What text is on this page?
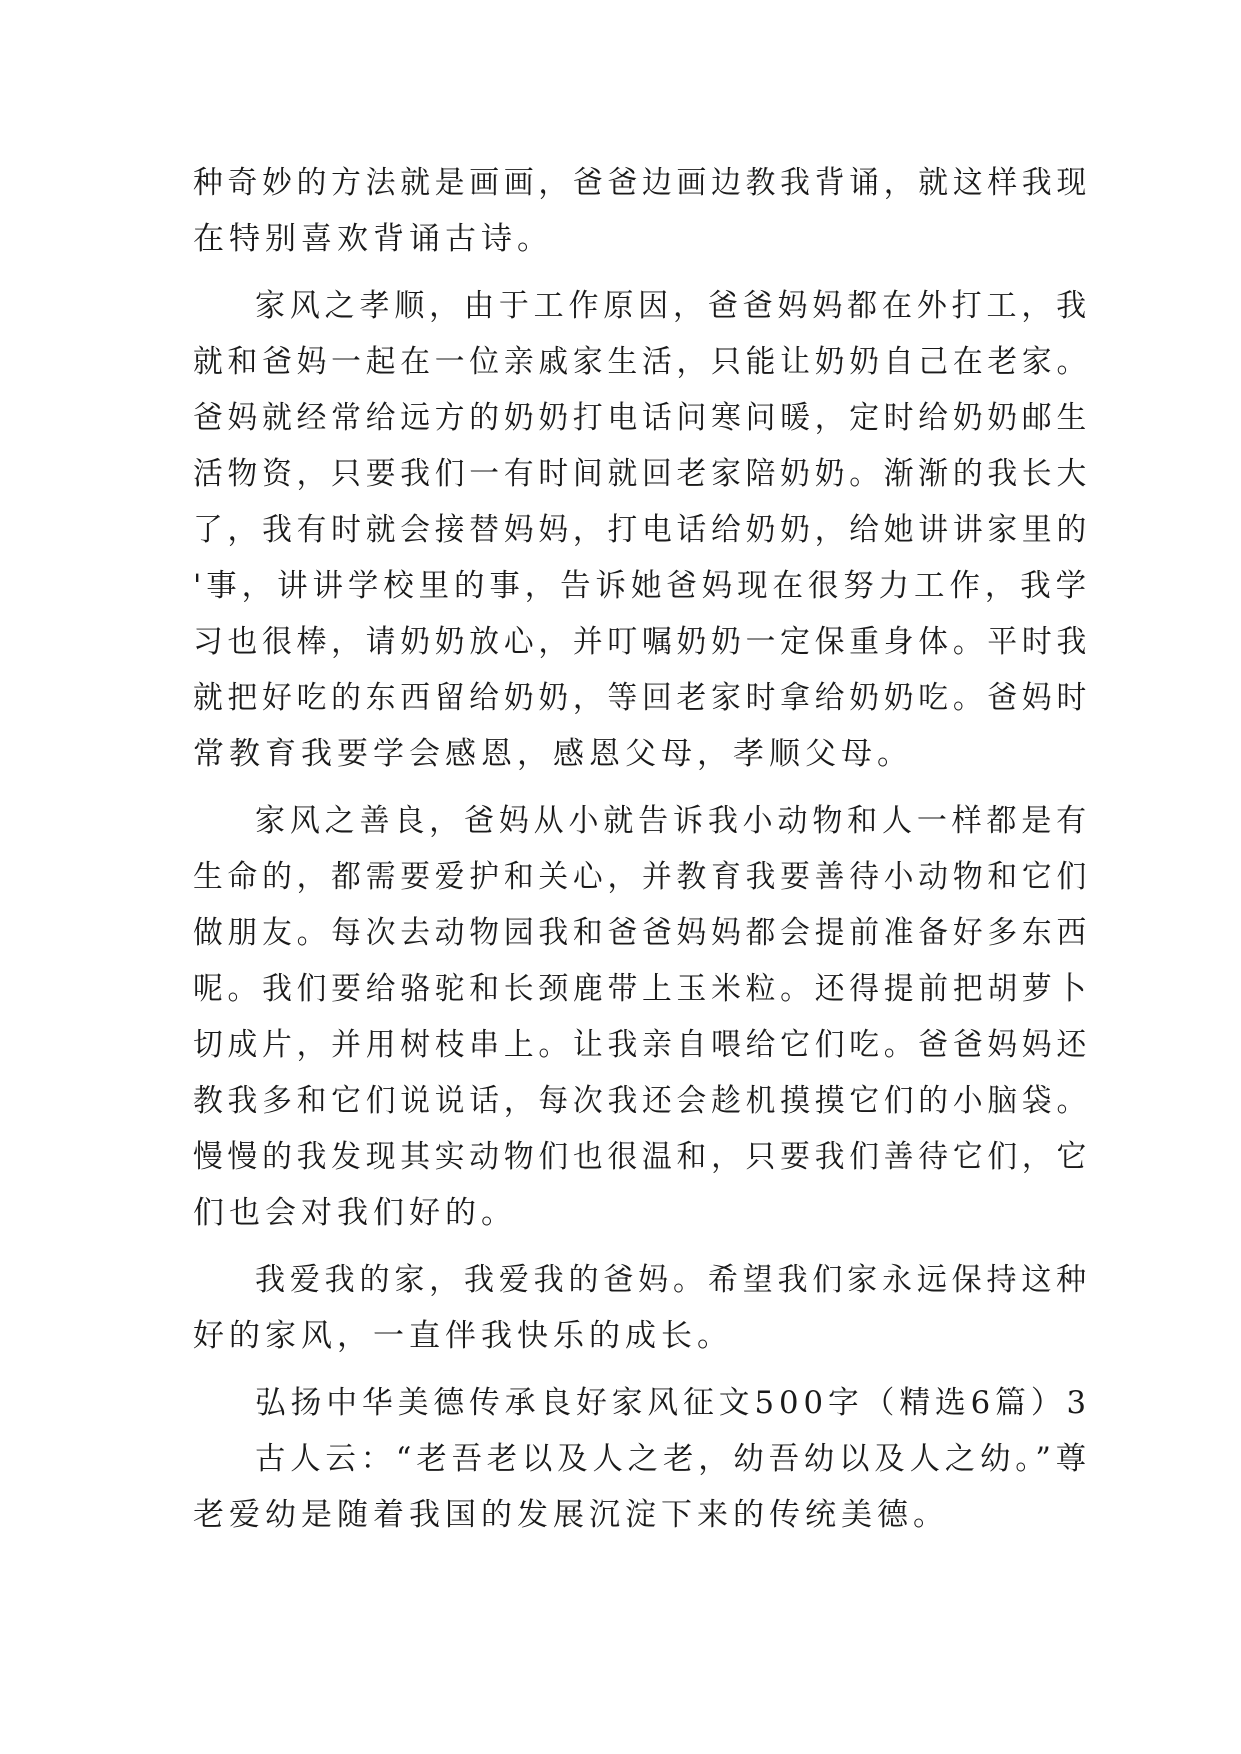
种奇妙的方法就是画画，爸爸边画边教我背诵，就这样我现
在特别喜欢背诵古诗。
家风之孝顺，由于工作原因，爸爸妈妈都在外打工，我
就和爸妈一起在一位亲戚家生活，只能让奶奶自己在老家。
爸妈就经常给远方的奶奶打电话问寒问暖，定时给奶奶邮生
活物资，只要我们一有时间就回老家陪奶奶。渐渐的我长大
了，我有时就会接替妈妈，打电话给奶奶，给她讲讲家里的
'事，讲讲学校里的事，告诉她爸妈现在很努力工作，我学
习也很棒，请奶奶放心，并叮嘱奶奶一定保重身体。平时我
就把好吃的东西留给奶奶，等回老家时拿给奶奶吃。爸妈时
常教育我要学会感恩，感恩父母，孝顺父母。
家风之善良，爸妈从小就告诉我小动物和人一样都是有
生命的，都需要爱护和关心，并教育我要善待小动物和它们
做朋友。每次去动物园我和爸爸妈妈都会提前准备好多东西
呢。我们要给骆驼和长颈鹿带上玉米粒。还得提前把胡萝卜
切成片，并用树枝串上。让我亲自喂给它们吃。爸爸妈妈还
教我多和它们说说话，每次我还会趁机摸摸它们的小脑袋。
慢慢的我发现其实动物们也很温和，只要我们善待它们，它
们也会对我们好的。
我爱我的家，我爱我的爸妈。希望我们家永远保持这种
好的家风，一直伴我快乐的成长。
弘扬中华美德传承良好家风征文500字（精选6篇）3
古人云：“老吾老以及人之老，幼吾幼以及人之幼。”尊
老爱幼是随着我国的发展沉淀下来的传统美德。
